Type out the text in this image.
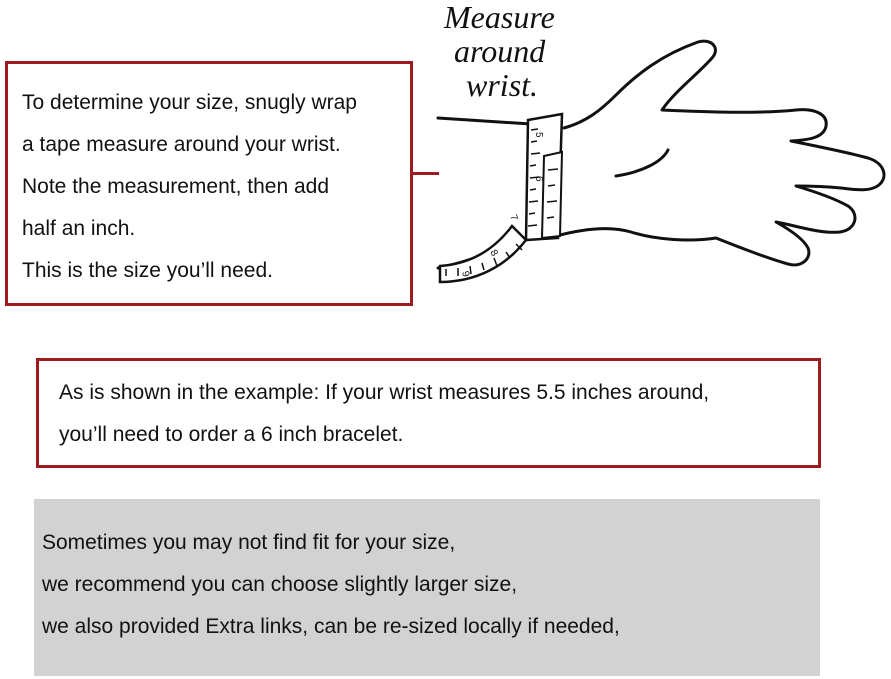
To determine your size, snugly wrap
a tape measure around your wrist.
Note the measurement, then add
half an inch.
This is the size you’ll need.
Measure
around
wrist.
5
6
7
8
9
As is shown in the example: If your wrist measures 5.5 inches around,
you’ll need to order a 6 inch bracelet.
Sometimes you may not find fit for your size,
we recommend you can choose slightly larger size,
we also provided Extra links, can be re-sized locally if needed,
